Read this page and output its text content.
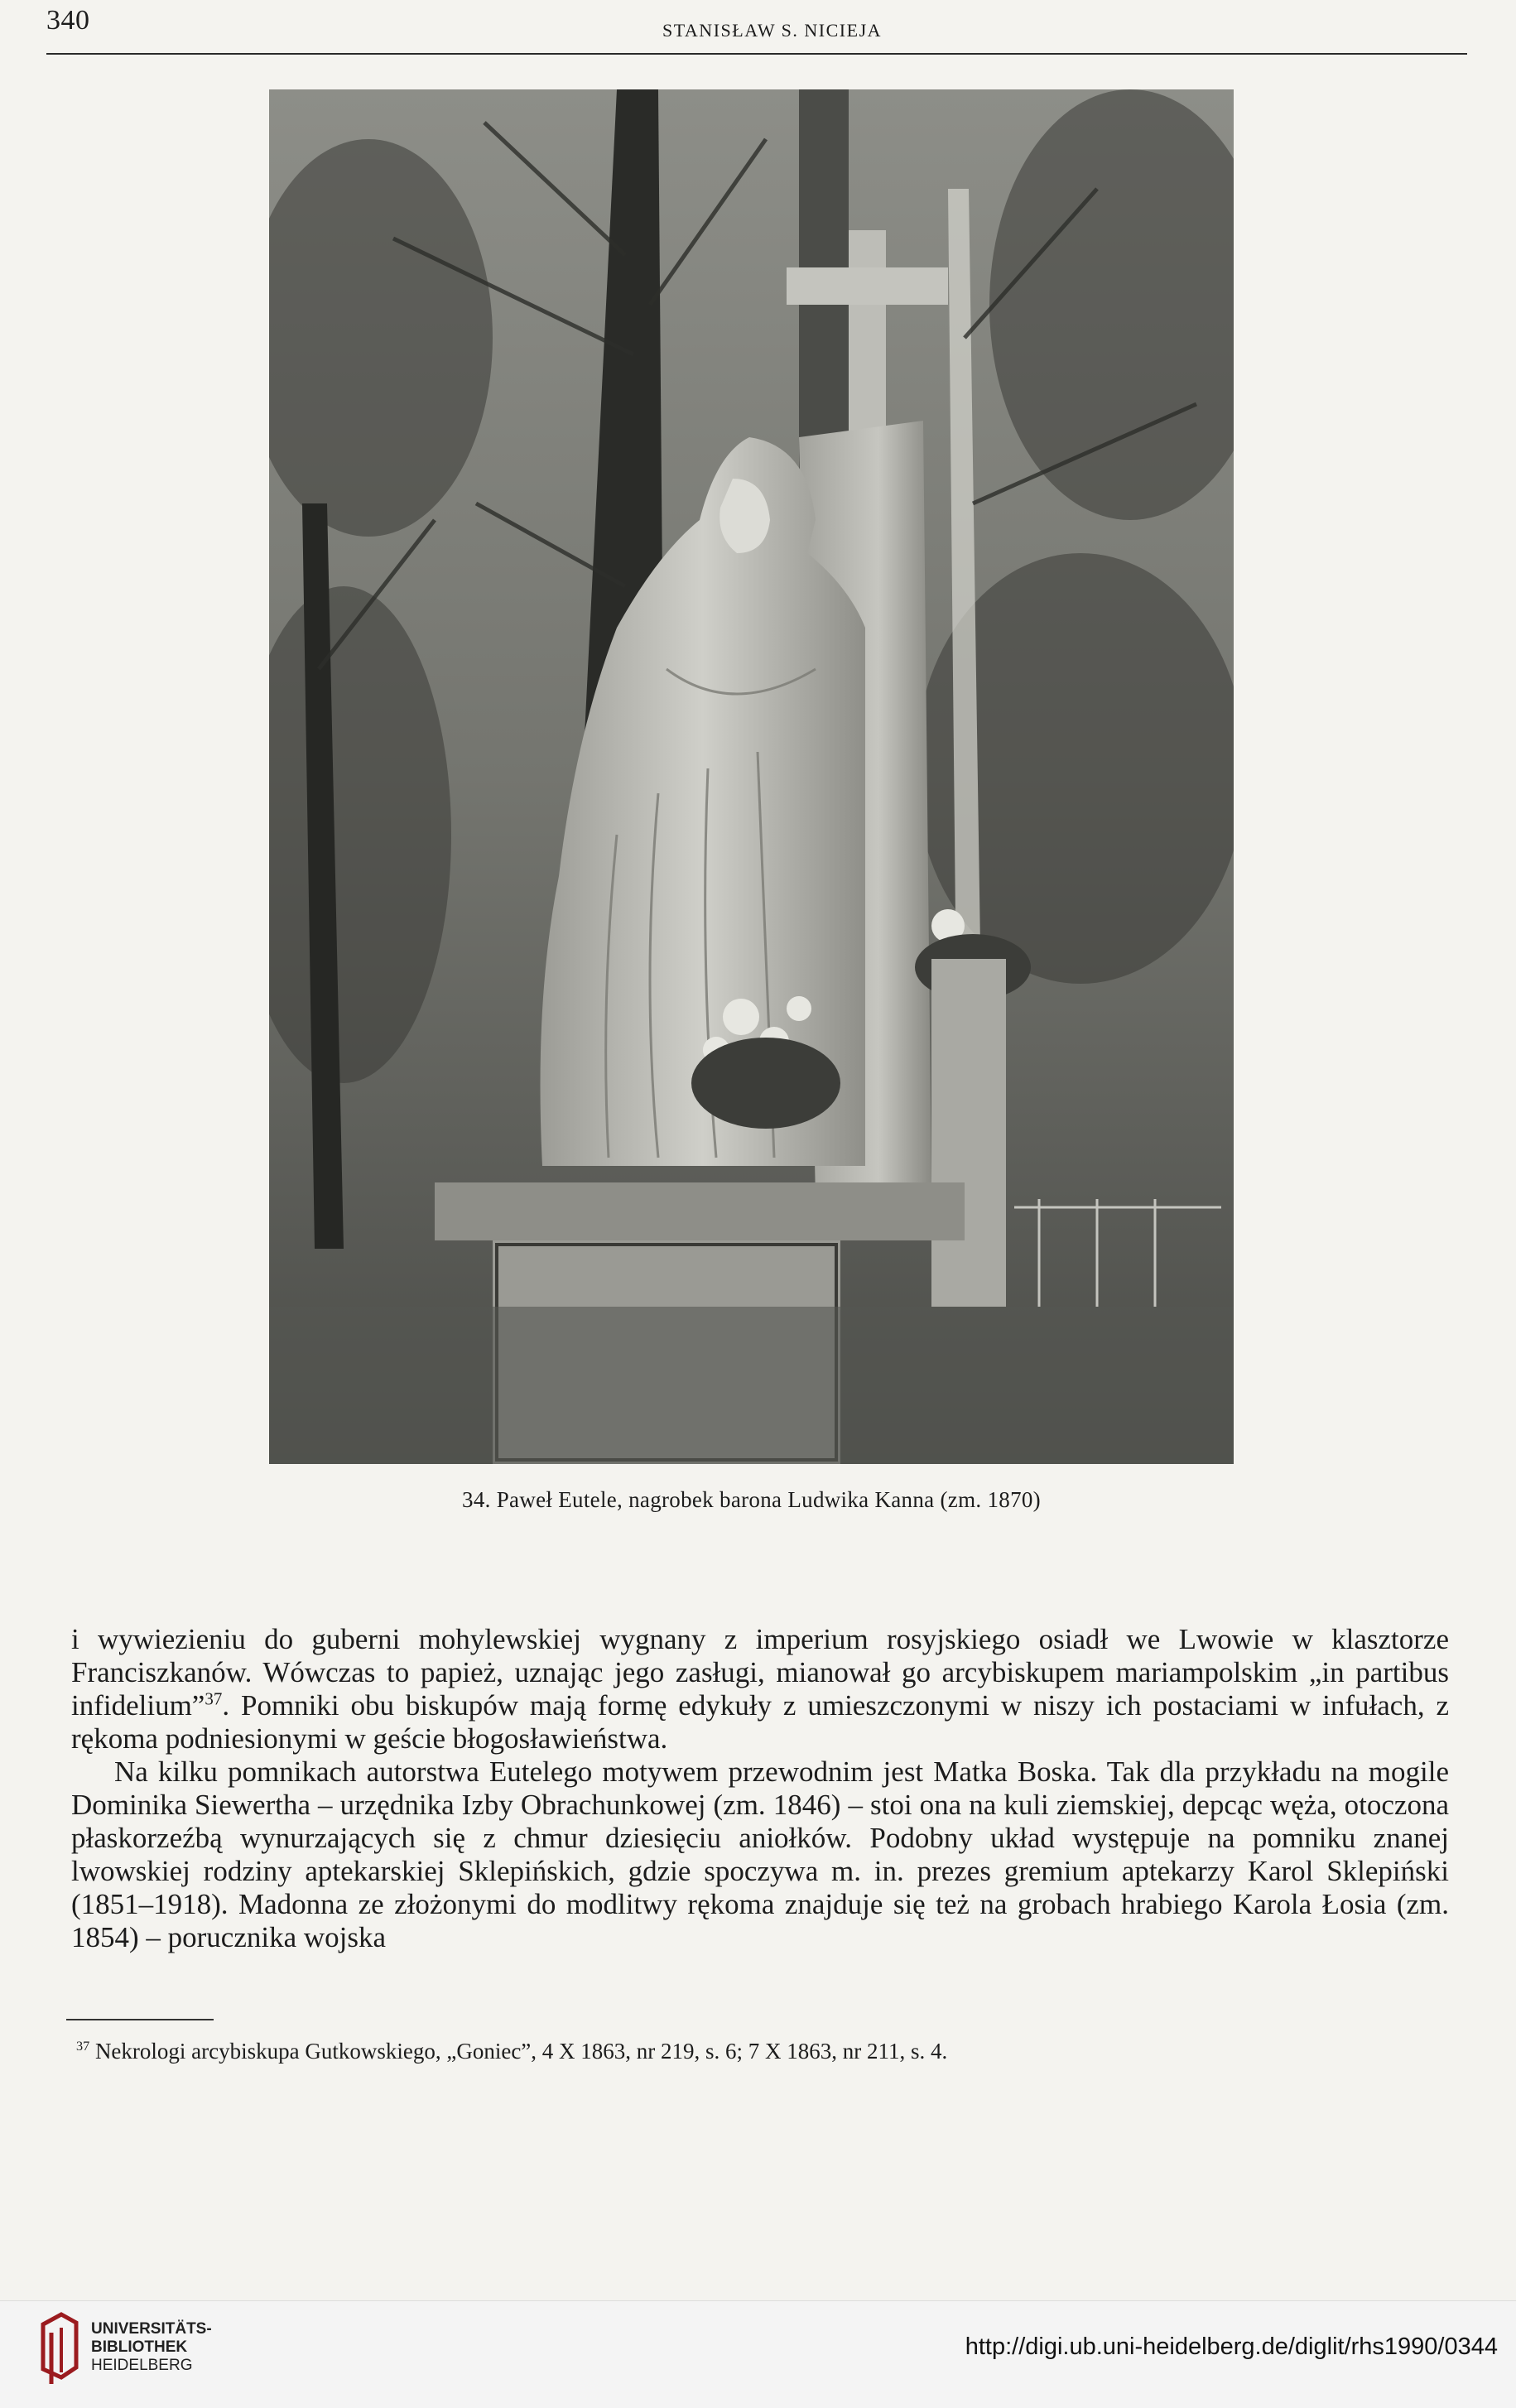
340	STANISŁAW S. NICIEJA
34. Paweł Eutele, nagrobek barona Ludwika Kanna (zm. 1870)

i wywiezieniu do guberni mohylewskiej wygnany z imperium rosyjskiego osiadł we Lwowie w klasztorze Franciszkanów. Wówczas to papież, uznając jego zasługi, mianował go arcybiskupem mariampolskim „in partibus infidelium”$^{37}$. Pomniki obu biskupów mają formę edykuły z umieszczonymi w niszy ich postaciami w infułach, z rękoma podniesionymi w geście błogosławieństwa.

Na kilku pomnikach autorstwa Eutelego motywem przewodnim jest Matka Boska. Tak dla przykładu na mogile Dominika Siewertha – urzędnika Izby Obrachunkowej (zm. 1846) – stoi ona na kuli ziemskiej, depcąc węża, otoczona płaskorzeźbą wynurzających się z chmur dziesięciu aniołków. Podobny układ występuje na pomniku znanej lwowskiej rodziny aptekarskiej Sklepińskich, gdzie spoczywa m. in. prezes gremium aptekarzy Karol Sklepiński (1851–1918). Madonna ze złożonymi do modlitwy rękoma znajduje się też na grobach hrabiego Karola Łosia (zm. 1854) – porucznika wojska

$^{37}$ Nekrologi arcybiskupa Gutkowskiego, „Goniec”, 4 X 1863, nr 219, s. 6; 7 X 1863, nr 211, s. 4.
UNIVERSITÄTS-
BIBLIOTHEK
HEIDELBERG
http://digi.ub.uni-heidelberg.de/diglit/rhs1990/0344
